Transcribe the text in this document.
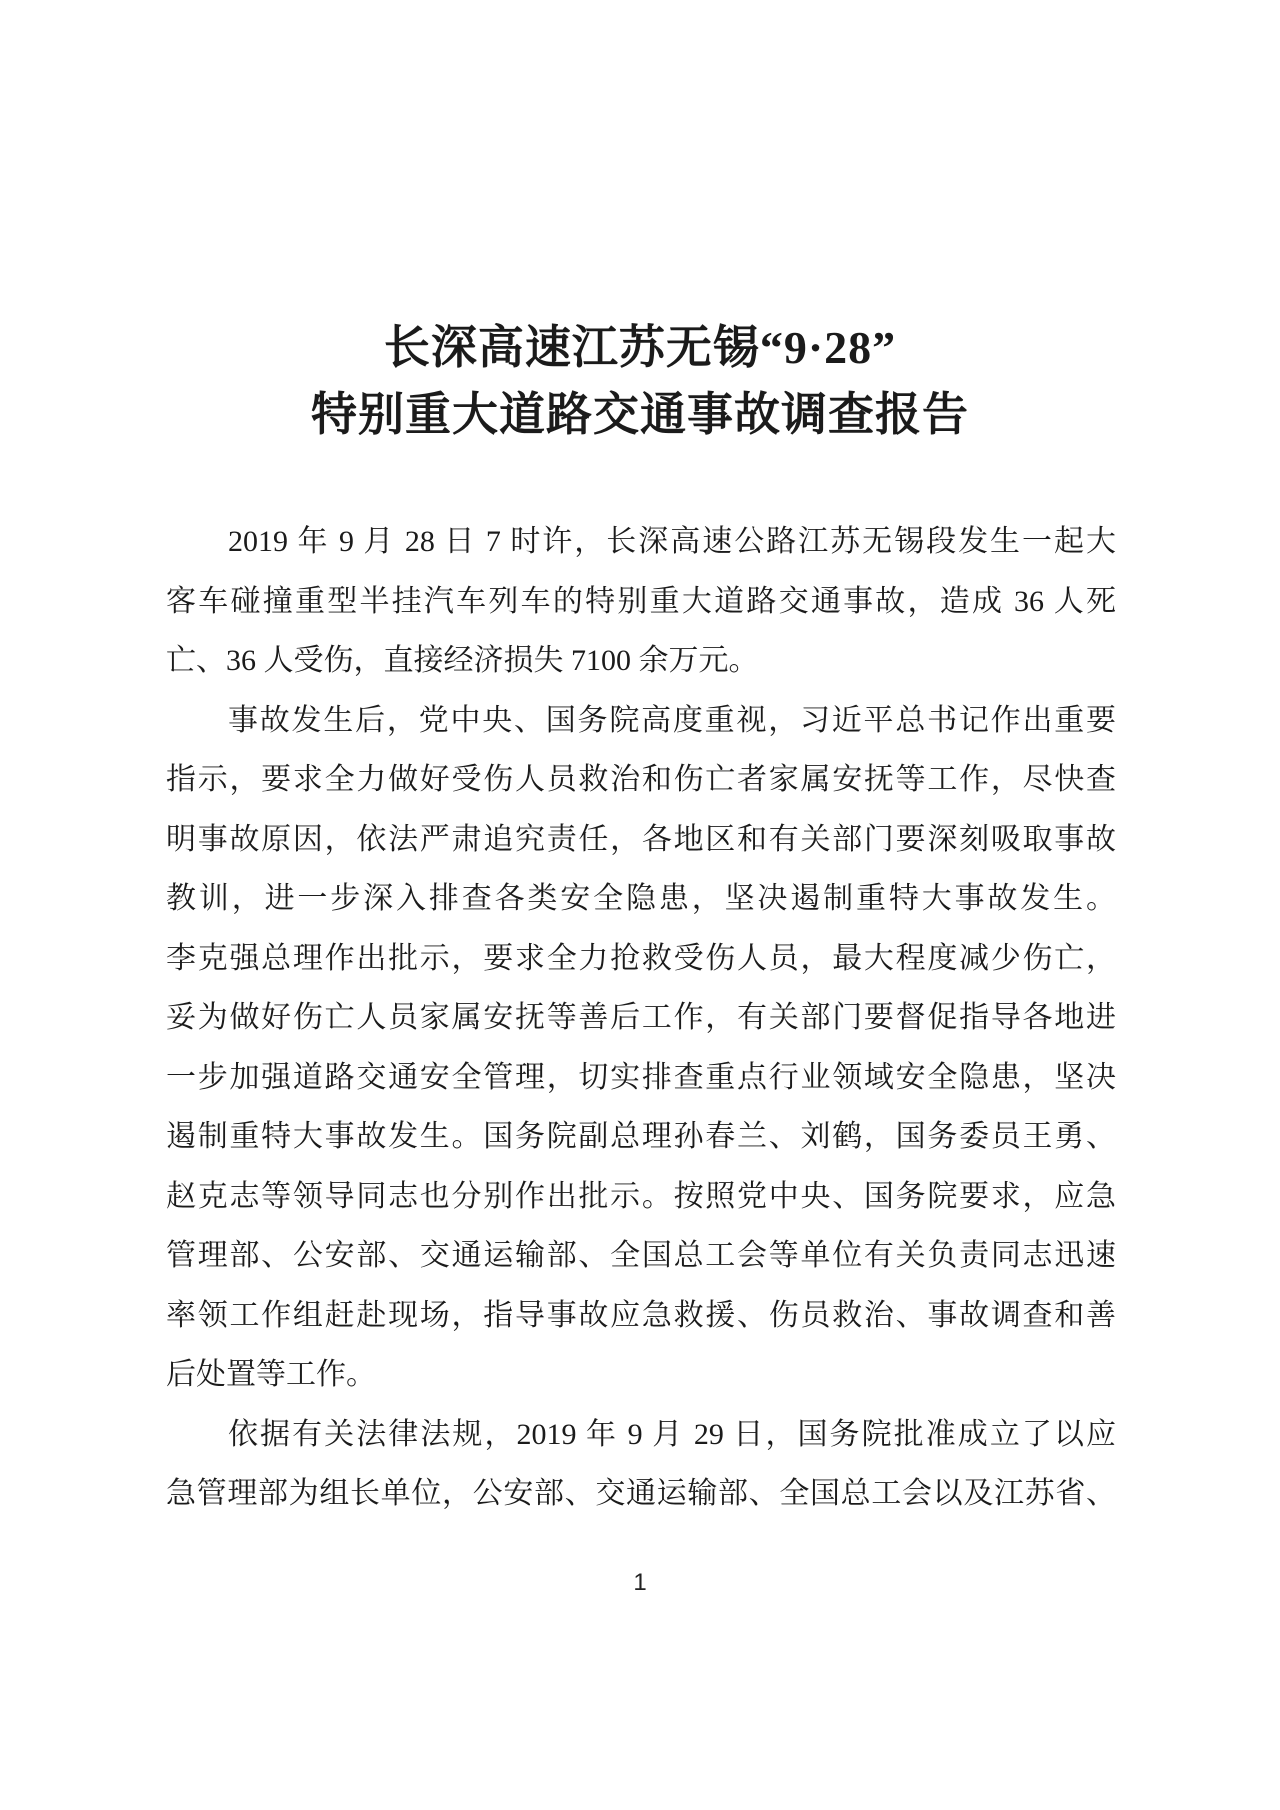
长深高速江苏无锡“9·28”
特别重大道路交通事故调查报告
2019 年 9 月 28 日 7 时许，长深高速公路江苏无锡段发生一起大
客车碰撞重型半挂汽车列车的特别重大道路交通事故，造成 36 人死
亡、36 人受伤，直接经济损失 7100 余万元。
事故发生后，党中央、国务院高度重视，习近平总书记作出重要
指示，要求全力做好受伤人员救治和伤亡者家属安抚等工作，尽快查
明事故原因，依法严肃追究责任，各地区和有关部门要深刻吸取事故
教训，进一步深入排查各类安全隐患，坚决遏制重特大事故发生。
李克强总理作出批示，要求全力抢救受伤人员，最大程度减少伤亡，
妥为做好伤亡人员家属安抚等善后工作，有关部门要督促指导各地进
一步加强道路交通安全管理，切实排查重点行业领域安全隐患，坚决
遏制重特大事故发生。国务院副总理孙春兰、刘鹤，国务委员王勇、
赵克志等领导同志也分别作出批示。按照党中央、国务院要求，应急
管理部、公安部、交通运输部、全国总工会等单位有关负责同志迅速
率领工作组赶赴现场，指导事故应急救援、伤员救治、事故调查和善
后处置等工作。
依据有关法律法规，2019 年 9 月 29 日，国务院批准成立了以应
急管理部为组长单位，公安部、交通运输部、全国总工会以及江苏省、
1
